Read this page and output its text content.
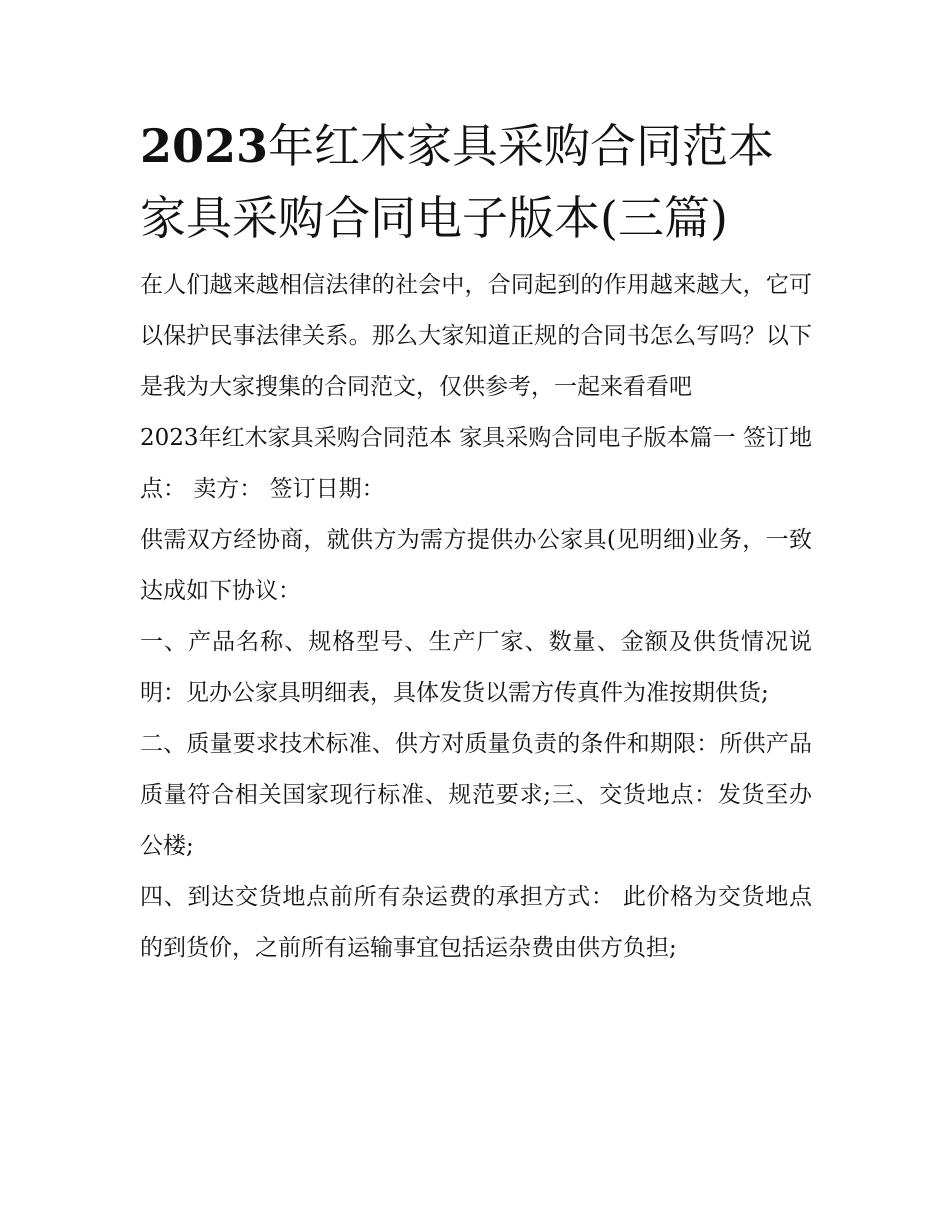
2023年红木家具采购合同范本家具采购合同电子版本(三篇)

在人们越来越相信法律的社会中，合同起到的作用越来越大，它可以保护民事法律关系。那么大家知道正规的合同书怎么写吗？以下是我为大家搜集的合同范文，仅供参考，一起来看看吧

2023年红木家具采购合同范本 家具采购合同电子版本篇一 签订地点： 卖方： 签订日期：

供需双方经协商，就供方为需方提供办公家具(见明细)业务，一致达成如下协议：

一、产品名称、规格型号、生产厂家、数量、金额及供货情况说明：见办公家具明细表，具体发货以需方传真件为准按期供货;

二、质量要求技术标准、供方对质量负责的条件和期限：所供产品质量符合相关国家现行标准、规范要求;三、交货地点：发货至办公楼;

四、到达交货地点前所有杂运费的承担方式： 此价格为交货地点的到货价，之前所有运输事宜包括运杂费由供方负担;
